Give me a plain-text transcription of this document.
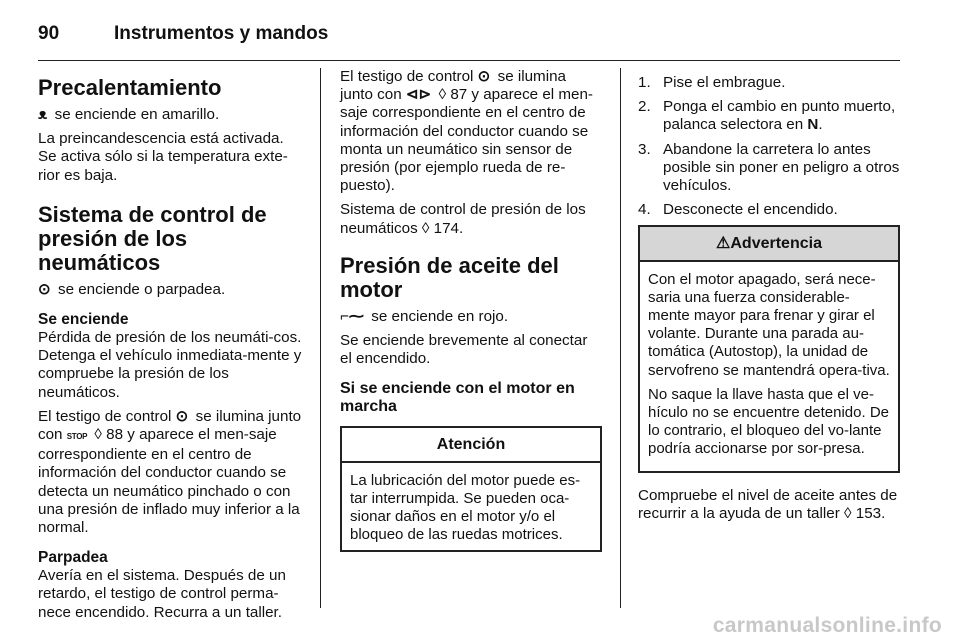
90	Instrumentos y mandos
Precalentamiento

ᴥ se enciende en amarillo.

La preincandescencia está activada. Se activa sólo si la temperatura exte-rior es baja.

Sistema de control de presión de los neumáticos

⊙ se enciende o parpadea.

Se enciende

Pérdida de presión de los neumáti-cos. Detenga el vehículo inmediata-mente y compruebe la presión de los neumáticos.

El testigo de control ⊙ se ilumina junto con STOP ◊ 88 y aparece el men-saje correspondiente en el centro de información del conductor cuando se detecta un neumático pinchado o con una presión de inflado muy inferior a la normal.

Parpadea

Avería en el sistema. Después de un retardo, el testigo de control perma-nece encendido. Recurra a un taller.

El testigo de control ⊙ se ilumina junto con ⊲⊳ ◊ 87 y aparece el men-saje correspondiente en el centro de información del conductor cuando se monta un neumático sin sensor de presión (por ejemplo rueda de re-puesto).

Sistema de control de presión de los neumáticos ◊ 174.

Presión de aceite del motor

⌐⁓ se enciende en rojo.

Se enciende brevemente al conectar el encendido.

Si se enciende con el motor en marcha
Atención
La lubricación del motor puede es-tar interrumpida. Se pueden oca-sionar daños en el motor y/o el bloqueo de las ruedas motrices.
1. Pise el embrague.
2. Ponga el cambio en punto muerto, palanca selectora en N.
3. Abandone la carretera lo antes posible sin poner en peligro a otros vehículos.
4. Desconecte el encendido.
⚠Advertencia

Con el motor apagado, será nece-saria una fuerza considerable-mente mayor para frenar y girar el volante. Durante una parada au-tomática (Autostop), la unidad de servofreno se mantendrá opera-tiva.

No saque la llave hasta que el ve-hículo no se encuentre detenido. De lo contrario, el bloqueo del vo-lante podría accionarse por sor-presa.

Compruebe el nivel de aceite antes de recurrir a la ayuda de un taller ◊ 153.

carmanualsonline.info
